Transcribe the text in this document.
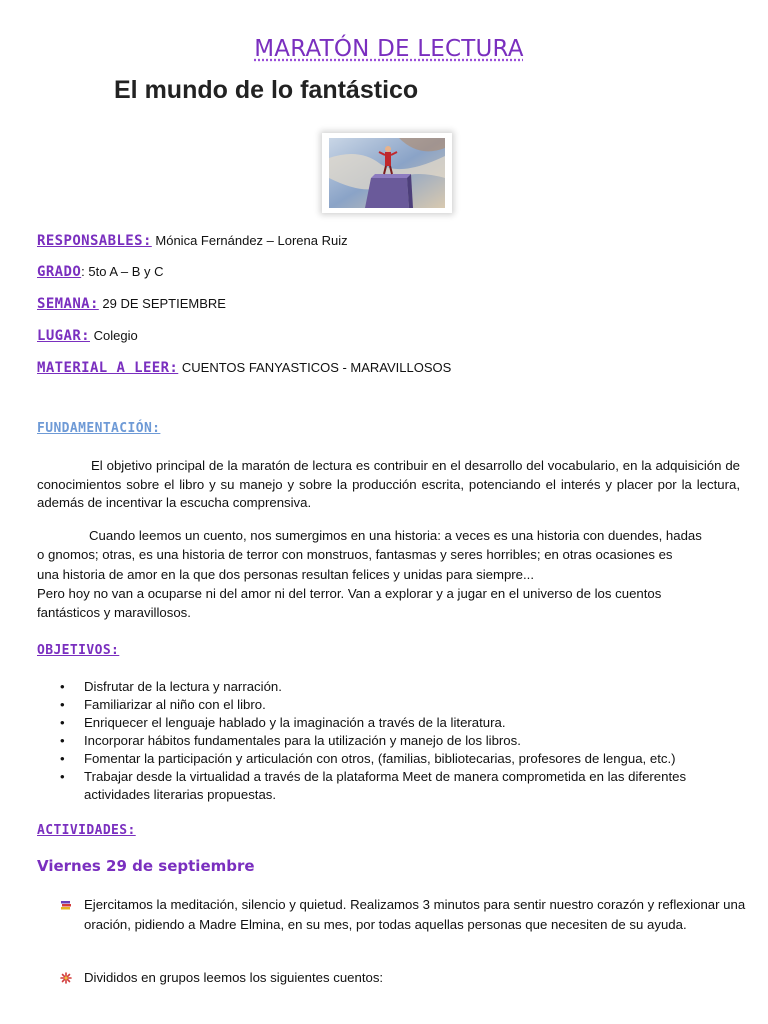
MARATÓN DE LECTURA
El mundo de lo fantástico
RESPONSABLES: Mónica Fernández – Lorena Ruiz
GRADO: 5to A – B y C
SEMANA: 29 DE SEPTIEMBRE
LUGAR: Colegio
MATERIAL A LEER: CUENTOS FANYASTICOS - MARAVILLOSOS
FUNDAMENTACIÓN:
El objetivo principal de la maratón de lectura es contribuir en el desarrollo del vocabulario, en la adquisición de conocimientos sobre el libro y su manejo y sobre la producción escrita, potenciando el interés y placer por la lectura, además de incentivar la escucha comprensiva.
Cuando leemos un cuento, nos sumergimos en una historia: a veces es una historia con duendes, hadas
o gnomos; otras, es una historia de terror con monstruos, fantasmas y seres horribles; en otras ocasiones es
una historia de amor en la que dos personas resultan felices y unidas para siempre...
Pero hoy no van a ocuparse ni del amor ni del terror. Van a explorar y a jugar en el universo de los cuentos fantásticos y maravillosos.
OBJETIVOS:
• Disfrutar de la lectura y narración.
• Familiarizar al niño con el libro.
• Enriquecer el lenguaje hablado y la imaginación a través de la literatura.
• Incorporar hábitos fundamentales para la utilización y manejo de los libros.
• Fomentar la participación y articulación con otros, (familias, bibliotecarias, profesores de lengua, etc.)
• Trabajar desde la virtualidad a través de la plataforma Meet de manera comprometida en las diferentes actividades literarias propuestas.
ACTIVIDADES:
Viernes 29 de septiembre
Ejercitamos la meditación, silencio y quietud. Realizamos 3 minutos para sentir nuestro corazón y reflexionar una oración, pidiendo a Madre Elmina, en su mes, por todas aquellas personas que necesiten de su ayuda.
Divididos en grupos leemos los siguientes cuentos:
